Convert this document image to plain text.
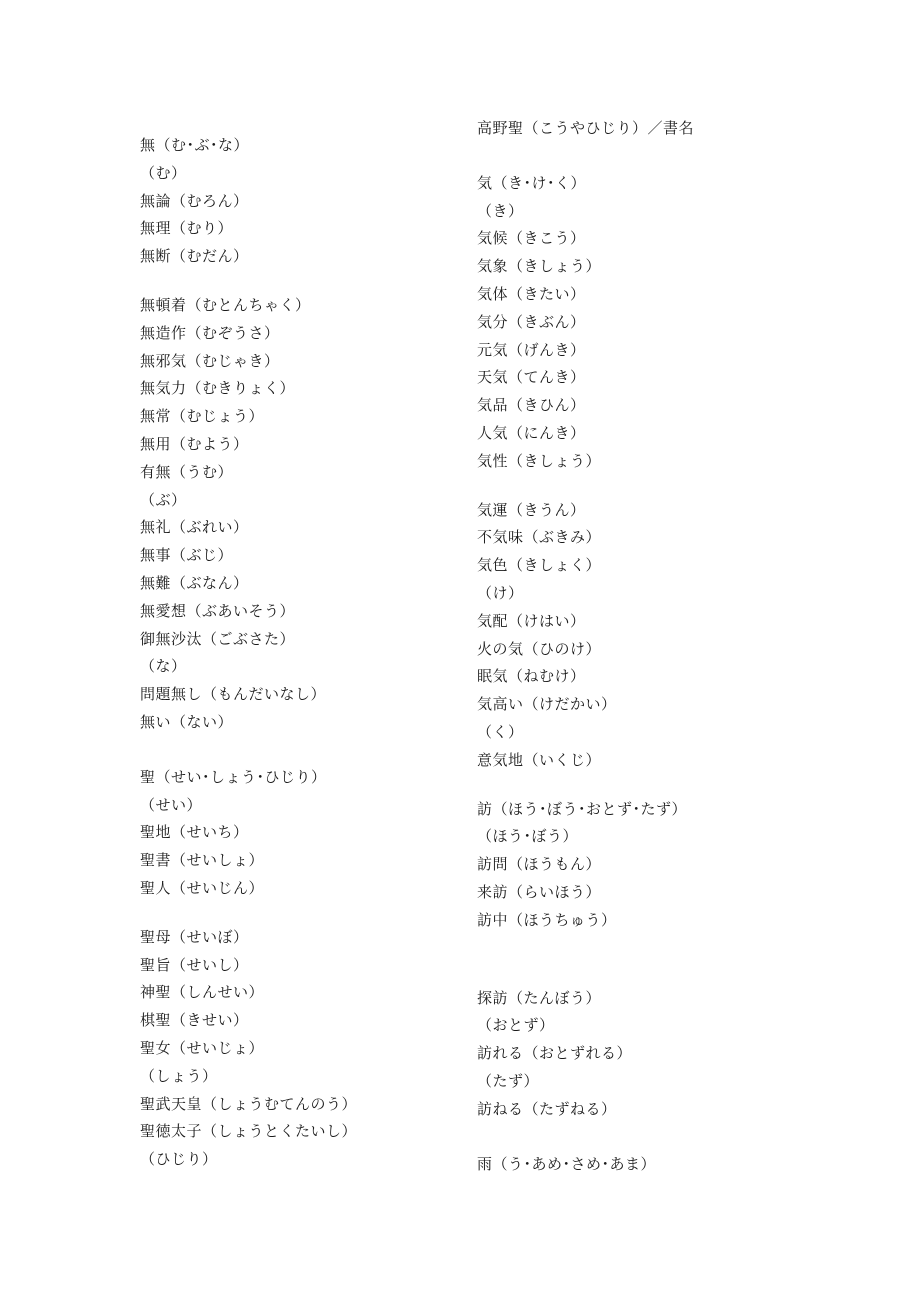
無（む･ぶ･な）
（む）
無論（むろん）
無理（むり）
無断（むだん）
無頓着（むとんちゃく）
無造作（むぞうさ）
無邪気（むじゃき）
無気力（むきりょく）
無常（むじょう）
無用（むよう）
有無（うむ）
（ぶ）
無礼（ぶれい）
無事（ぶじ）
無難（ぶなん）
無愛想（ぶあいそう）
御無沙汰（ごぶさた）
（な）
問題無し（もんだいなし）
無い（ない）
聖（せい･しょう･ひじり）
（せい）
聖地（せいち）
聖書（せいしょ）
聖人（せいじん）
聖母（せいぼ）
聖旨（せいし）
神聖（しんせい）
棋聖（きせい）
聖女（せいじょ）
（しょう）
聖武天皇（しょうむてんのう）
聖徳太子（しょうとくたいし）
（ひじり）
高野聖（こうやひじり）／書名
気（き･け･く）
（き）
気候（きこう）
気象（きしょう）
気体（きたい）
気分（きぶん）
元気（げんき）
天気（てんき）
気品（きひん）
人気（にんき）
気性（きしょう）
気運（きうん）
不気味（ぶきみ）
気色（きしょく）
（け）
気配（けはい）
火の気（ひのけ）
眠気（ねむけ）
気高い（けだかい）
（く）
意気地（いくじ）
訪（ほう･ぼう･おとず･たず）
（ほう･ぼう）
訪問（ほうもん）
来訪（らいほう）
訪中（ほうちゅう）
探訪（たんぼう）
（おとず）
訪れる（おとずれる）
（たず）
訪ねる（たずねる）
雨（う･あめ･さめ･あま）
